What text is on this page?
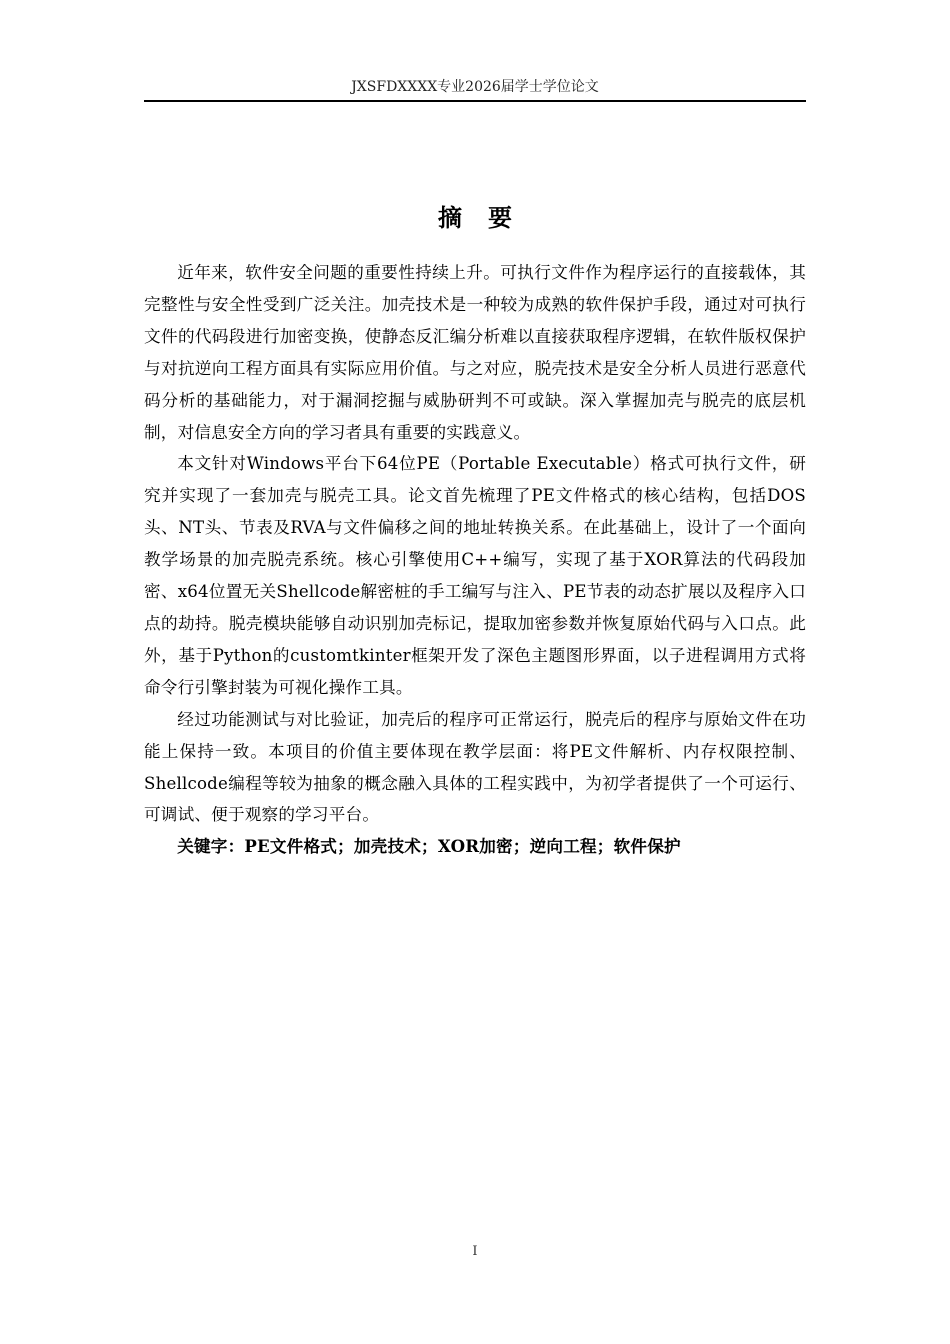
JXSFDXXXX专业2026届学士学位论文
摘要

近年来，软件安全问题的重要性持续上升。可执行文件作为程序运行的直接载体，其完整性与安全性受到广泛关注。加壳技术是一种较为成熟的软件保护手段，通过对可执行文件的代码段进行加密变换，使静态反汇编分析难以直接获取程序逻辑，在软件版权保护与对抗逆向工程方面具有实际应用价值。与之对应，脱壳技术是安全分析人员进行恶意代码分析的基础能力，对于漏洞挖掘与威胁研判不可或缺。深入掌握加壳与脱壳的底层机制，对信息安全方向的学习者具有重要的实践意义。

本文针对Windows平台下64位PE（Portable Executable）格式可执行文件，研究并实现了一套加壳与脱壳工具。论文首先梳理了PE文件格式的核心结构，包括DOS头、NT头、节表及RVA与文件偏移之间的地址转换关系。在此基础上，设计了一个面向教学场景的加壳脱壳系统。核心引擎使用C++编写，实现了基于XOR算法的代码段加密、x64位置无关Shellcode解密桩的手工编写与注入、PE节表的动态扩展以及程序入口点的劫持。脱壳模块能够自动识别加壳标记，提取加密参数并恢复原始代码与入口点。此外，基于Python的customtkinter框架开发了深色主题图形界面，以子进程调用方式将命令行引擎封装为可视化操作工具。

经过功能测试与对比验证，加壳后的程序可正常运行，脱壳后的程序与原始文件在功能上保持一致。本项目的价值主要体现在教学层面：将PE文件解析、内存权限控制、Shellcode编程等较为抽象的概念融入具体的工程实践中，为初学者提供了一个可运行、可调试、便于观察的学习平台。

关键字：PE文件格式；加壳技术；XOR加密；逆向工程；软件保护

I
